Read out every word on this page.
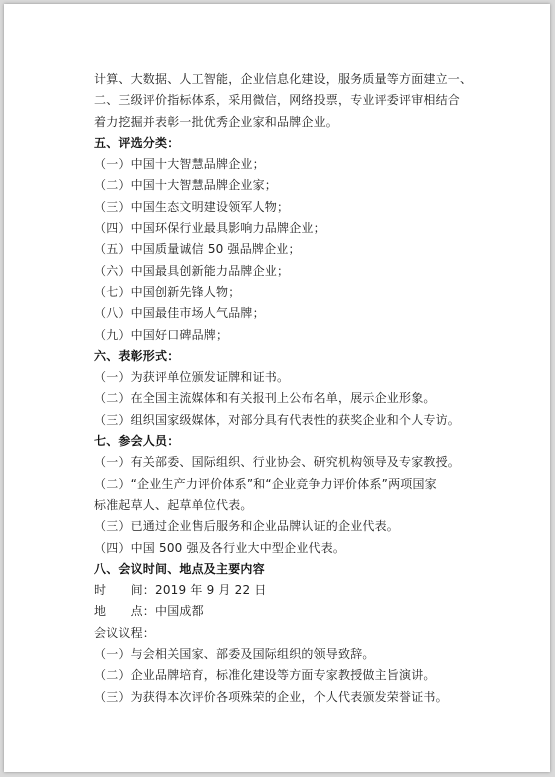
计算、大数据、人工智能，企业信息化建设，服务质量等方面建立一、

二、三级评价指标体系，采用微信，网络投票，专业评委评审相结合

着力挖掘并表彰一批优秀企业家和品牌企业。

五、评选分类：

（一）中国十大智慧品牌企业；

（二）中国十大智慧品牌企业家；

（三）中国生态文明建设领军人物；

（四）中国环保行业最具影响力品牌企业；

（五）中国质量诚信 50 强品牌企业；

（六）中国最具创新能力品牌企业；

（七）中国创新先锋人物；

（八）中国最佳市场人气品牌；

（九）中国好口碑品牌；

六、表彰形式：

（一）为获评单位颁发证牌和证书。

（二）在全国主流媒体和有关报刊上公布名单，展示企业形象。

（三）组织国家级媒体，对部分具有代表性的获奖企业和个人专访。

七、参会人员：

（一）有关部委、国际组织、行业协会、研究机构领导及专家教授。

（二）“企业生产力评价体系”和“企业竞争力评价体系”两项国家

标准起草人、起草单位代表。

（三）已通过企业售后服务和企业品牌认证的企业代表。

（四）中国 500 强及各行业大中型企业代表。

八、会议时间、地点及主要内容

时　　间：2019 年 9 月 22 日

地　　点：中国成都

会议议程：

（一）与会相关国家、部委及国际组织的领导致辞。

（二）企业品牌培育，标准化建设等方面专家教授做主旨演讲。

（三）为获得本次评价各项殊荣的企业，个人代表颁发荣誉证书。
